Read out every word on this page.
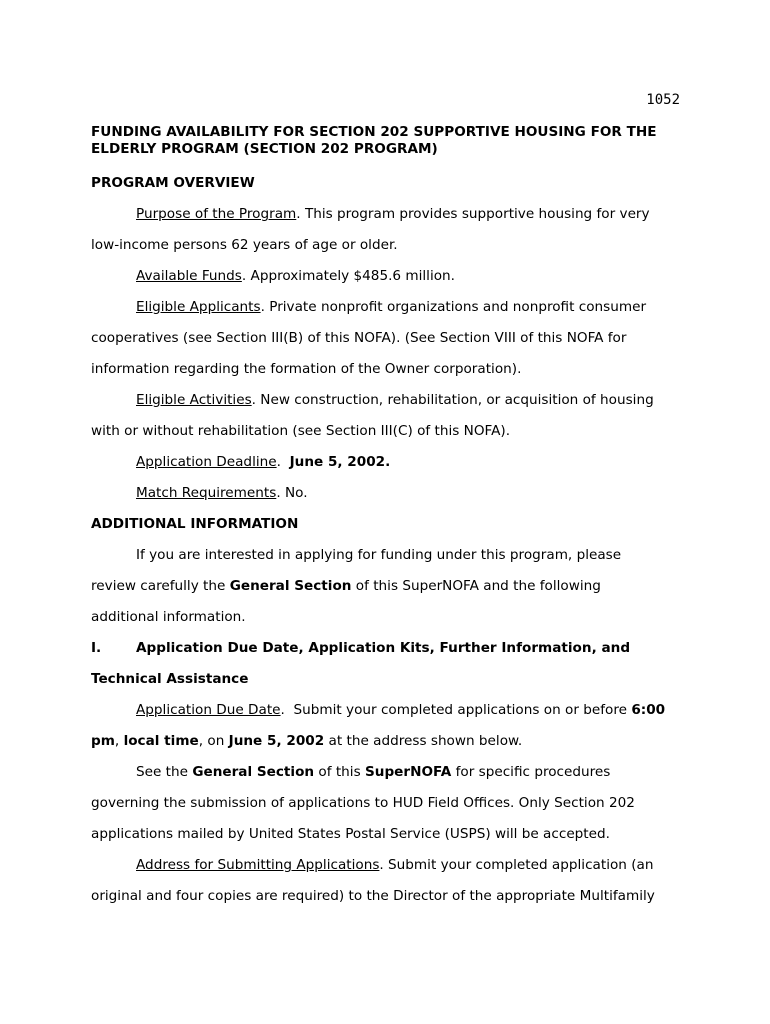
1052
FUNDING AVAILABILITY FOR SECTION 202 SUPPORTIVE HOUSING FOR THE
ELDERLY PROGRAM (SECTION 202 PROGRAM)
PROGRAM OVERVIEW
Purpose of the Program. This program provides supportive housing for very
low-income persons 62 years of age or older.
Available Funds. Approximately $485.6 million.
Eligible Applicants. Private nonprofit organizations and nonprofit consumer
cooperatives (see Section III(B) of this NOFA). (See Section VIII of this NOFA for
information regarding the formation of the Owner corporation).
Eligible Activities. New construction, rehabilitation, or acquisition of housing
with or without rehabilitation (see Section III(C) of this NOFA).
Application Deadline.  June 5, 2002.
Match Requirements. No.
ADDITIONAL INFORMATION
If you are interested in applying for funding under this program, please
review carefully the General Section of this SuperNOFA and the following
additional information.
I.	Application Due Date, Application Kits, Further Information, and
Technical Assistance
Application Due Date.  Submit your completed applications on or before 6:00
pm, local time, on June 5, 2002 at the address shown below.
See the General Section of this SuperNOFA for specific procedures
governing the submission of applications to HUD Field Offices. Only Section 202
applications mailed by United States Postal Service (USPS) will be accepted.
Address for Submitting Applications. Submit your completed application (an
original and four copies are required) to the Director of the appropriate Multifamily
